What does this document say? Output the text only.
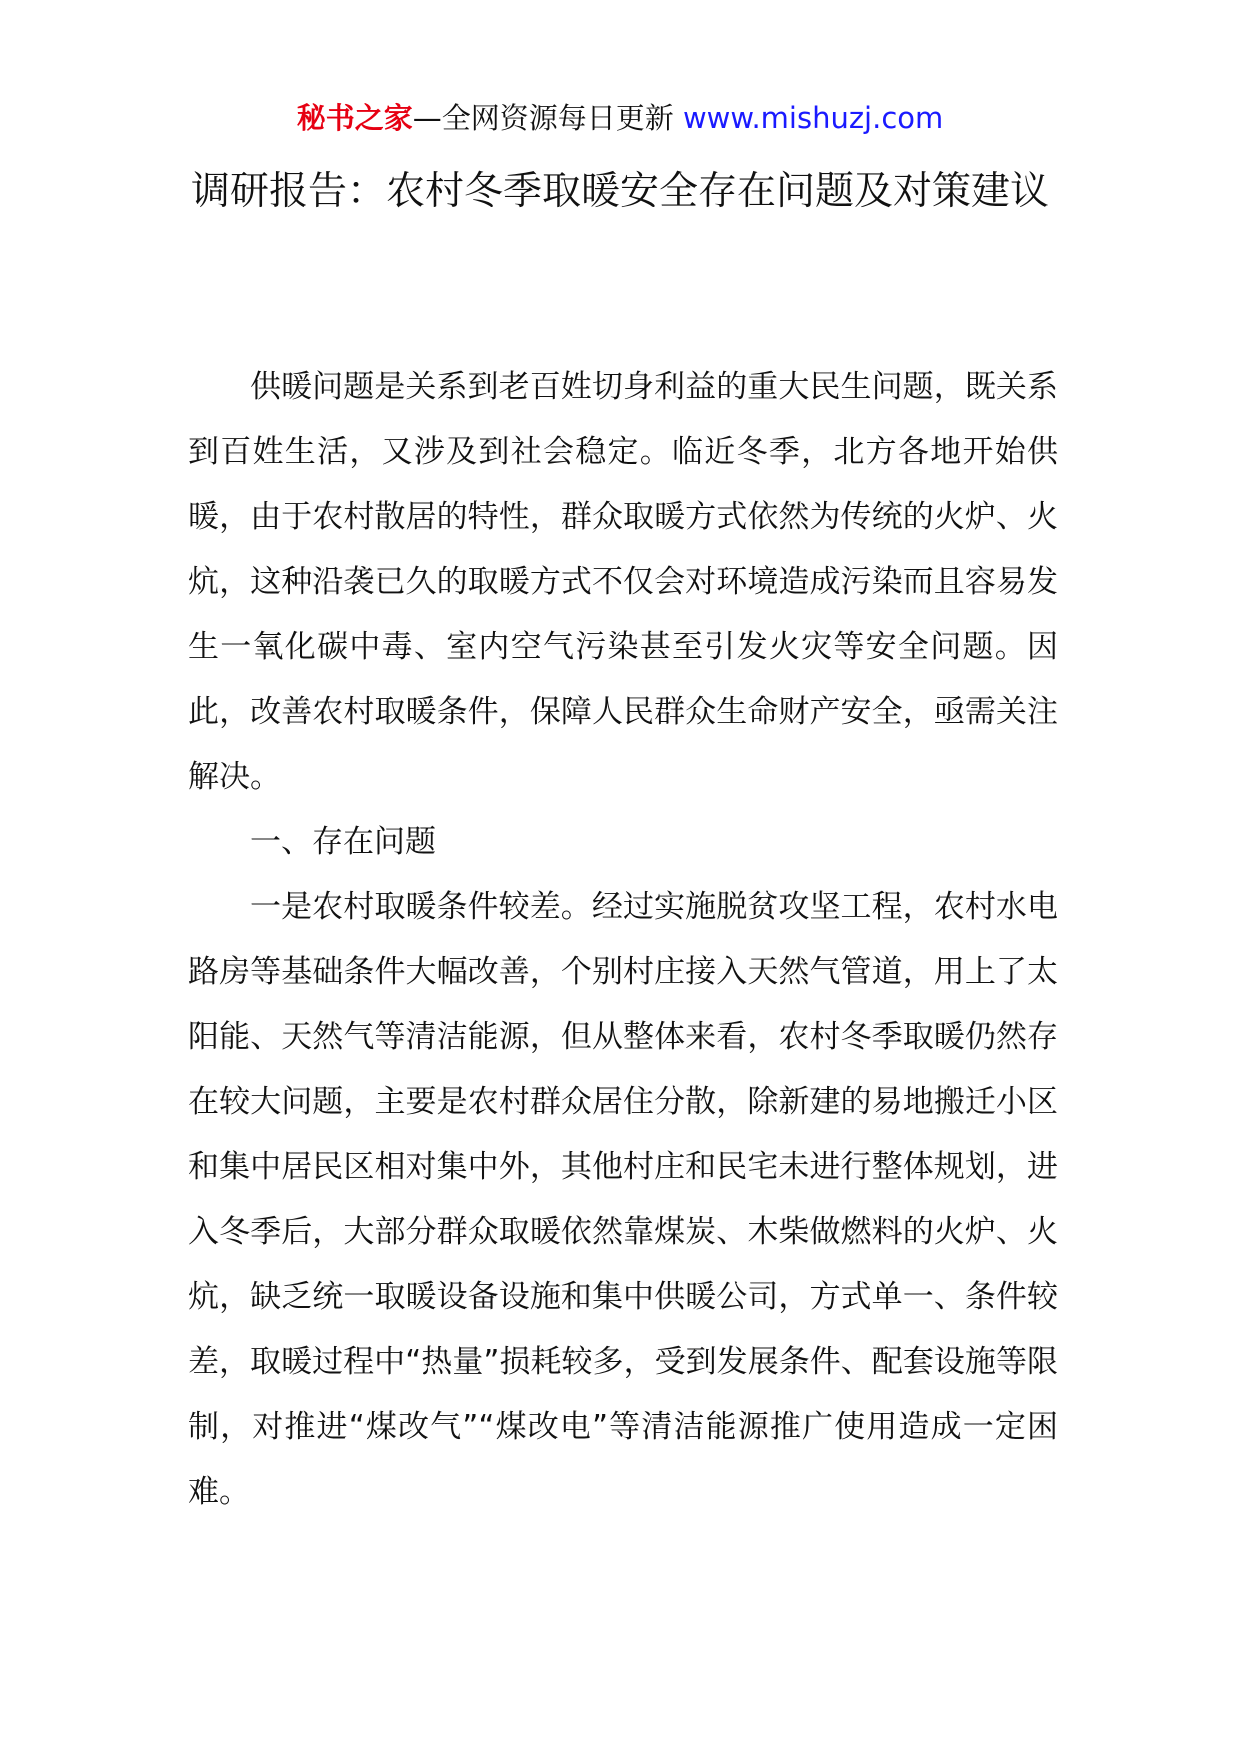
秘书之家—全网资源每日更新 www.mishuzj.com
调研报告：农村冬季取暖安全存在问题及对策建议

供暖问题是关系到老百姓切身利益的重大民生问题，既关系到百姓生活，又涉及到社会稳定。临近冬季，北方各地开始供暖，由于农村散居的特性，群众取暖方式依然为传统的火炉、火炕，这种沿袭已久的取暖方式不仅会对环境造成污染而且容易发生一氧化碳中毒、室内空气污染甚至引发火灾等安全问题。因此，改善农村取暖条件，保障人民群众生命财产安全，亟需关注解决。

一、存在问题

一是农村取暖条件较差。经过实施脱贫攻坚工程，农村水电路房等基础条件大幅改善，个别村庄接入天然气管道，用上了太阳能、天然气等清洁能源，但从整体来看，农村冬季取暖仍然存在较大问题，主要是农村群众居住分散，除新建的易地搬迁小区和集中居民区相对集中外，其他村庄和民宅未进行整体规划，进入冬季后，大部分群众取暖依然靠煤炭、木柴做燃料的火炉、火炕，缺乏统一取暖设备设施和集中供暖公司，方式单一、条件较差，取暖过程中“热量”损耗较多，受到发展条件、配套设施等限制，对推进“煤改气”“煤改电”等清洁能源推广使用造成一定困难。
